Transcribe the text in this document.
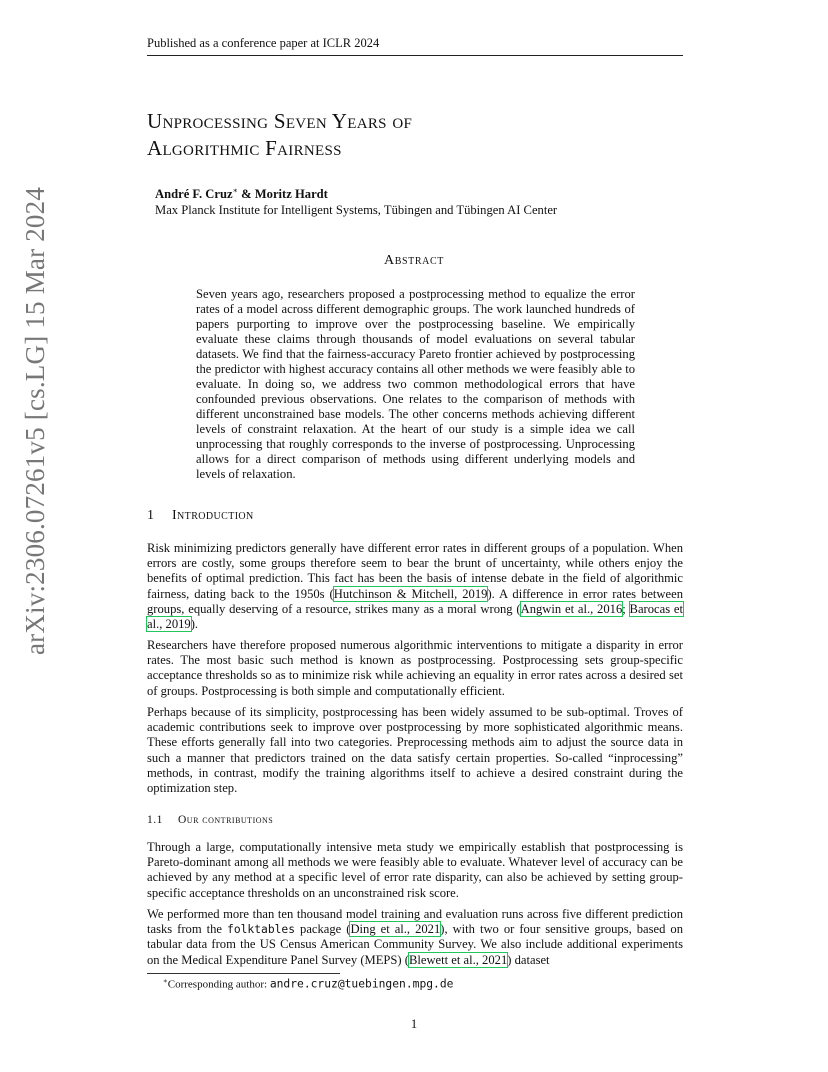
Published as a conference paper at ICLR 2024
arXiv:2306.07261v5 [cs.LG] 15 Mar 2024
Unprocessing Seven Years of
Algorithmic Fairness
André F. Cruz∗ & Moritz Hardt
Max Planck Institute for Intelligent Systems, Tübingen and Tübingen AI Center
Abstract

Seven years ago, researchers proposed a postprocessing method to equalize the error rates of a model across different demographic groups. The work launched hundreds of papers purporting to improve over the postprocessing baseline. We empirically evaluate these claims through thousands of model evaluations on several tabular datasets. We find that the fairness-accuracy Pareto frontier achieved by postprocessing the predictor with highest accuracy contains all other methods we were feasibly able to evaluate. In doing so, we address two common methodological errors that have confounded previous observations. One relates to the comparison of methods with different unconstrained base models. The other concerns methods achieving different levels of constraint relaxation. At the heart of our study is a simple idea we call unprocessing that roughly corresponds to the inverse of postprocessing. Unprocessing allows for a direct comparison of methods using different underlying models and levels of relaxation.

1 Introduction

Risk minimizing predictors generally have different error rates in different groups of a population. When errors are costly, some groups therefore seem to bear the brunt of uncertainty, while others enjoy the benefits of optimal prediction. This fact has been the basis of intense debate in the field of algorithmic fairness, dating back to the 1950s (Hutchinson & Mitchell, 2019). A difference in error rates between groups, equally deserving of a resource, strikes many as a moral wrong (Angwin et al., 2016; Barocas et al., 2019).

Researchers have therefore proposed numerous algorithmic interventions to mitigate a disparity in error rates. The most basic such method is known as postprocessing. Postprocessing sets group-specific acceptance thresholds so as to minimize risk while achieving an equality in error rates across a desired set of groups. Postprocessing is both simple and computationally efficient.

Perhaps because of its simplicity, postprocessing has been widely assumed to be sub-optimal. Troves of academic contributions seek to improve over postprocessing by more sophisticated algorithmic means. These efforts generally fall into two categories. Preprocessing methods aim to adjust the source data in such a manner that predictors trained on the data satisfy certain properties. So-called “inprocessing” methods, in contrast, modify the training algorithms itself to achieve a desired constraint during the optimization step.

1.1 Our contributions

Through a large, computationally intensive meta study we empirically establish that postprocessing is Pareto-dominant among all methods we were feasibly able to evaluate. Whatever level of accuracy can be achieved by any method at a specific level of error rate disparity, can also be achieved by setting group-specific acceptance thresholds on an unconstrained risk score.

We performed more than ten thousand model training and evaluation runs across five different prediction tasks from the folktables package (Ding et al., 2021), with two or four sensitive groups, based on tabular data from the US Census American Community Survey. We also include additional experiments on the Medical Expenditure Panel Survey (MEPS) (Blewett et al., 2021) dataset

∗Corresponding author: andre.cruz@tuebingen.mpg.de
1
